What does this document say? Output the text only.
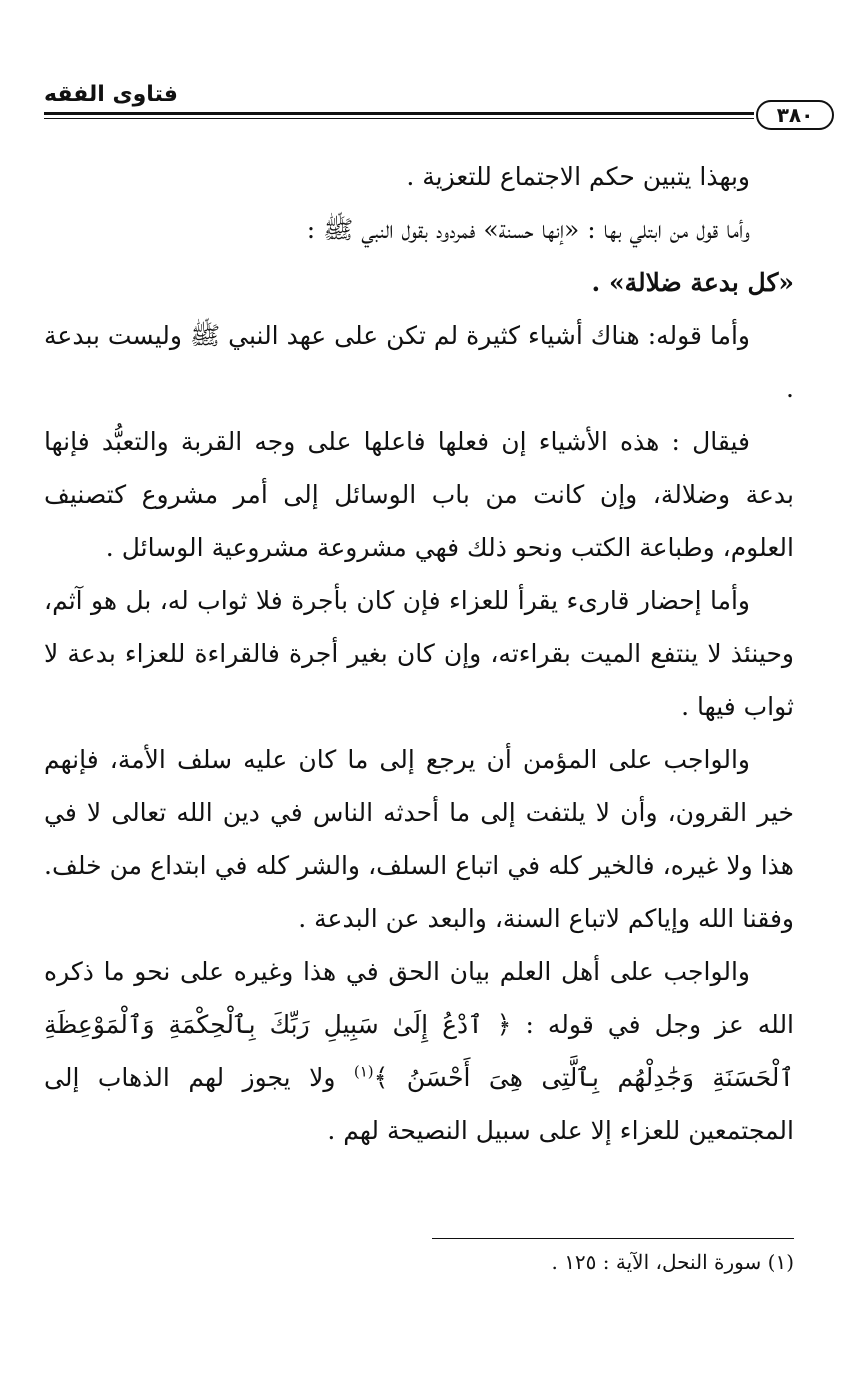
فتاوى الفقه
٣٨٠

وبهذا يتبين حكم الاجتماع للتعزية .

وأما قول من ابتلي بها : «إنها حسنة» فمردود بقول النبي ﷺ :

«كل بدعة ضلالة» .

وأما قوله: هناك أشياء كثيرة لم تكن على عهد النبي ﷺ وليست ببدعة .

فيقال : هذه الأشياء إن فعلها فاعلها على وجه القربة والتعبُّد فإنها بدعة وضلالة، وإن كانت من باب الوسائل إلى أمر مشروع كتصنيف العلوم، وطباعة الكتب ونحو ذلك فهي مشروعة مشروعية الوسائل .

وأما إحضار قارىء يقرأ للعزاء فإن كان بأجرة فلا ثواب له، بل هو آثم، وحينئذ لا ينتفع الميت بقراءته، وإن كان بغير أجرة فالقراءة للعزاء بدعة لا ثواب فيها .

والواجب على المؤمن أن يرجع إلى ما كان عليه سلف الأمة، فإنهم خير القرون، وأن لا يلتفت إلى ما أحدثه الناس في دين الله تعالى لا في هذا ولا غيره، فالخير كله في اتباع السلف، والشر كله في ابتداع من خلف. وفقنا الله وإياكم لاتباع السنة، والبعد عن البدعة .

والواجب على أهل العلم بيان الحق في هذا وغيره على نحو ما ذكره الله عز وجل في قوله : ﴿ ٱدْعُ إِلَىٰ سَبِيلِ رَبِّكَ بِٱلْحِكْمَةِ وَٱلْمَوْعِظَةِ ٱلْحَسَنَةِ وَجَٰدِلْهُم بِٱلَّتِى هِىَ أَحْسَنُ ﴾$^{(١)}$ ولا يجوز لهم الذهاب إلى المجتمعين للعزاء إلا على سبيل النصيحة لهم .

(١) سورة النحل، الآية : ١٢٥ .
